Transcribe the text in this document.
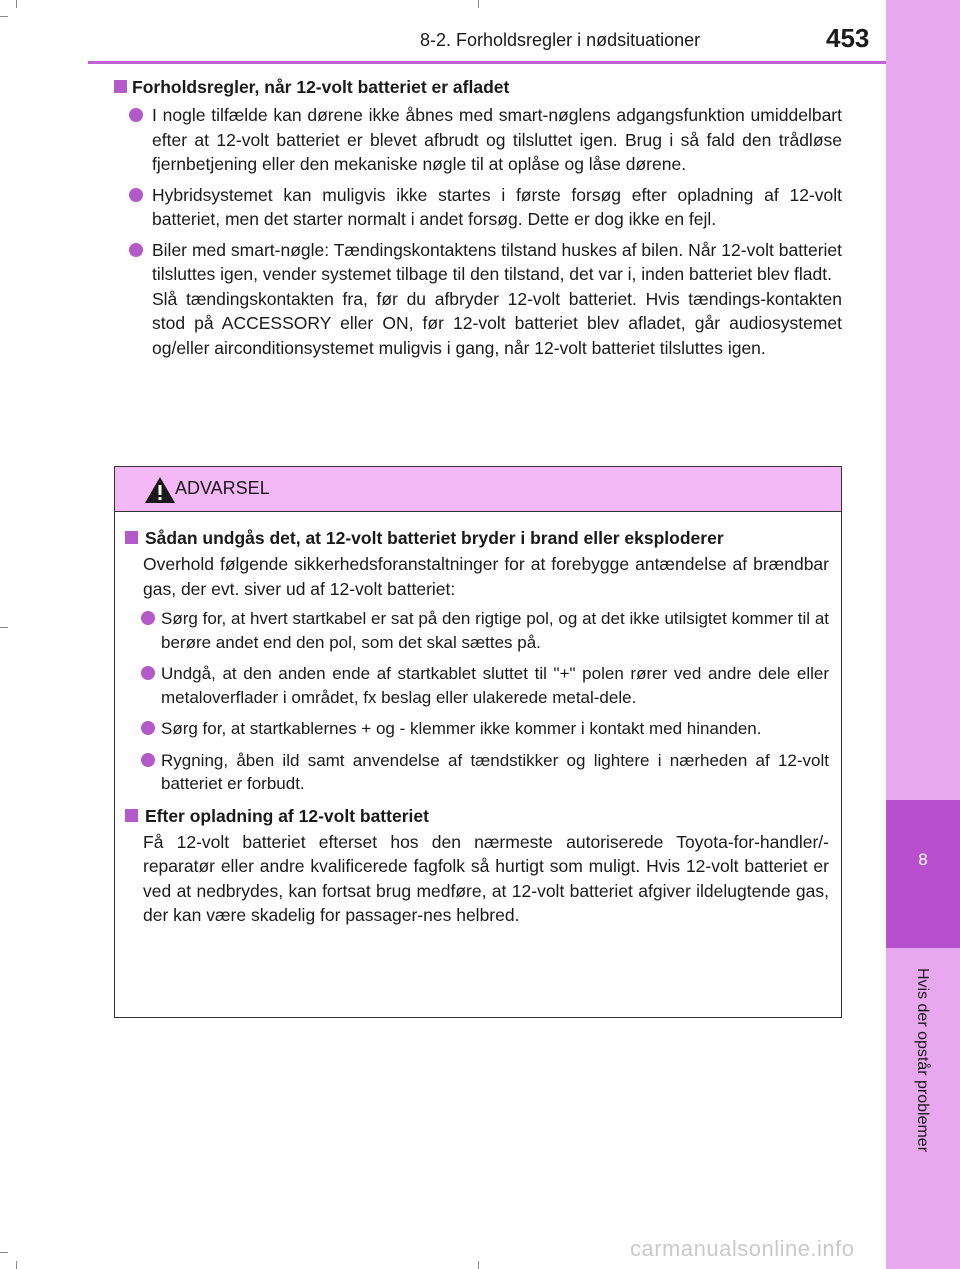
8-2. Forholdsregler i nødsituationer	453
8
Hvis der opstår problemer
Forholdsregler, når 12-volt batteriet er afladet
I nogle tilfælde kan dørene ikke åbnes med smart-nøglens adgangsfunktion umiddelbart efter at 12-volt batteriet er blevet afbrudt og tilsluttet igen. Brug i så fald den trådløse fjernbetjening eller den mekaniske nøgle til at oplåse og låse dørene.
Hybridsystemet kan muligvis ikke startes i første forsøg efter opladning af 12-volt batteriet, men det starter normalt i andet forsøg. Dette er dog ikke en fejl.
Biler med smart-nøgle: Tændingskontaktens tilstand huskes af bilen. Når 12-volt batteriet tilsluttes igen, vender systemet tilbage til den tilstand, det var i, inden batteriet blev fladt.
Slå tændingskontakten fra, før du afbryder 12-volt batteriet. Hvis tændings-kontakten stod på ACCESSORY eller ON, før 12-volt batteriet blev afladet, går audiosystemet og/eller airconditionsystemet muligvis i gang, når 12-volt batteriet tilsluttes igen.
ADVARSEL
Sådan undgås det, at 12-volt batteriet bryder i brand eller eksploderer
Overhold følgende sikkerhedsforanstaltninger for at forebygge antændelse af brændbar gas, der evt. siver ud af 12-volt batteriet:
Sørg for, at hvert startkabel er sat på den rigtige pol, og at det ikke utilsigtet kommer til at berøre andet end den pol, som det skal sættes på.
Undgå, at den anden ende af startkablet sluttet til "+" polen rører ved andre dele eller metaloverflader i området, fx beslag eller ulakerede metal-dele.
Sørg for, at startkablernes + og - klemmer ikke kommer i kontakt med hinanden.
Rygning, åben ild samt anvendelse af tændstikker og lightere i nærheden af 12-volt batteriet er forbudt.
Efter opladning af 12-volt batteriet
Få 12-volt batteriet efterset hos den nærmeste autoriserede Toyota-for-handler/-reparatør eller andre kvalificerede fagfolk så hurtigt som muligt. Hvis 12-volt batteriet er ved at nedbrydes, kan fortsat brug medføre, at 12-volt batteriet afgiver ildelugtende gas, der kan være skadelig for passager-nes helbred.
carmanualsonline.info
